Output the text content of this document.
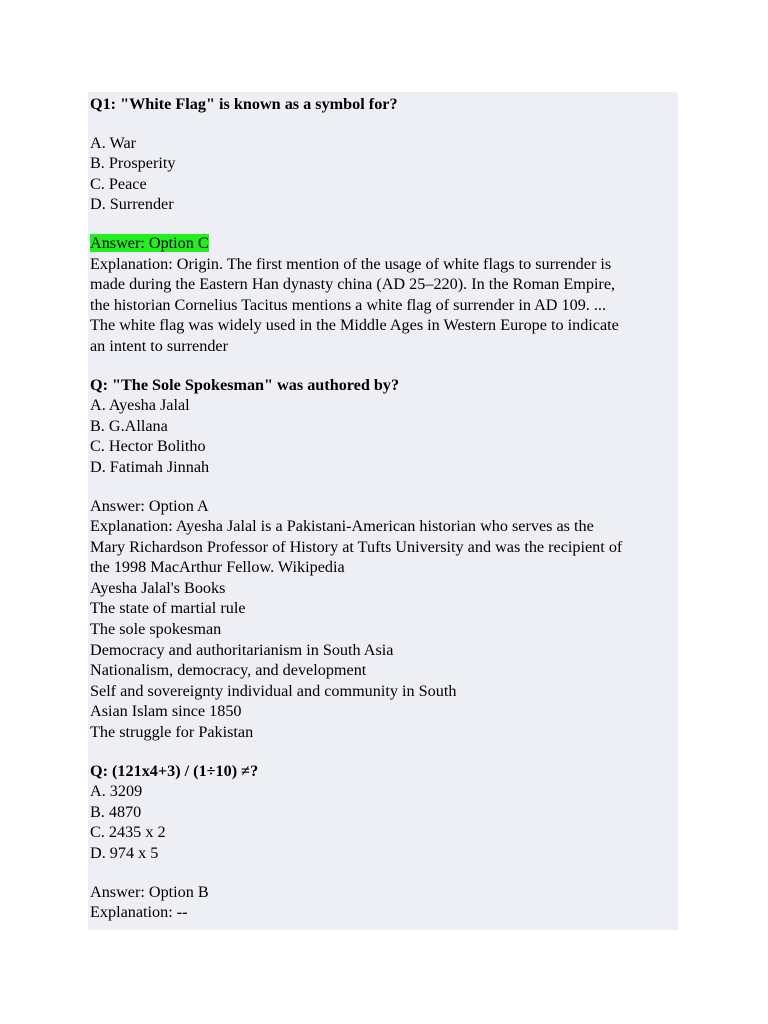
Q1: "White Flag" is known as a symbol for?
A. War
B. Prosperity
C. Peace
D. Surrender
Answer: Option C
Explanation: Origin. The first mention of the usage of white flags to surrender is
made during the Eastern Han dynasty china (AD 25–220). In the Roman Empire,
the historian Cornelius Tacitus mentions a white flag of surrender in AD 109. ...
The white flag was widely used in the Middle Ages in Western Europe to indicate
an intent to surrender
Q: "The Sole Spokesman" was authored by?
A. Ayesha Jalal
B. G.Allana
C. Hector Bolitho
D. Fatimah Jinnah
Answer: Option A
Explanation: Ayesha Jalal is a Pakistani-American historian who serves as the
Mary Richardson Professor of History at Tufts University and was the recipient of
the 1998 MacArthur Fellow. Wikipedia
Ayesha Jalal's Books
The state of martial rule
The sole spokesman
Democracy and authoritarianism in South Asia
Nationalism, democracy, and development
Self and sovereignty individual and community in South
Asian Islam since 1850
The struggle for Pakistan
Q: (121x4+3) / (1÷10) ≠?
A. 3209
B. 4870
C. 2435 x 2
D. 974 x 5
Answer: Option B
Explanation: --
